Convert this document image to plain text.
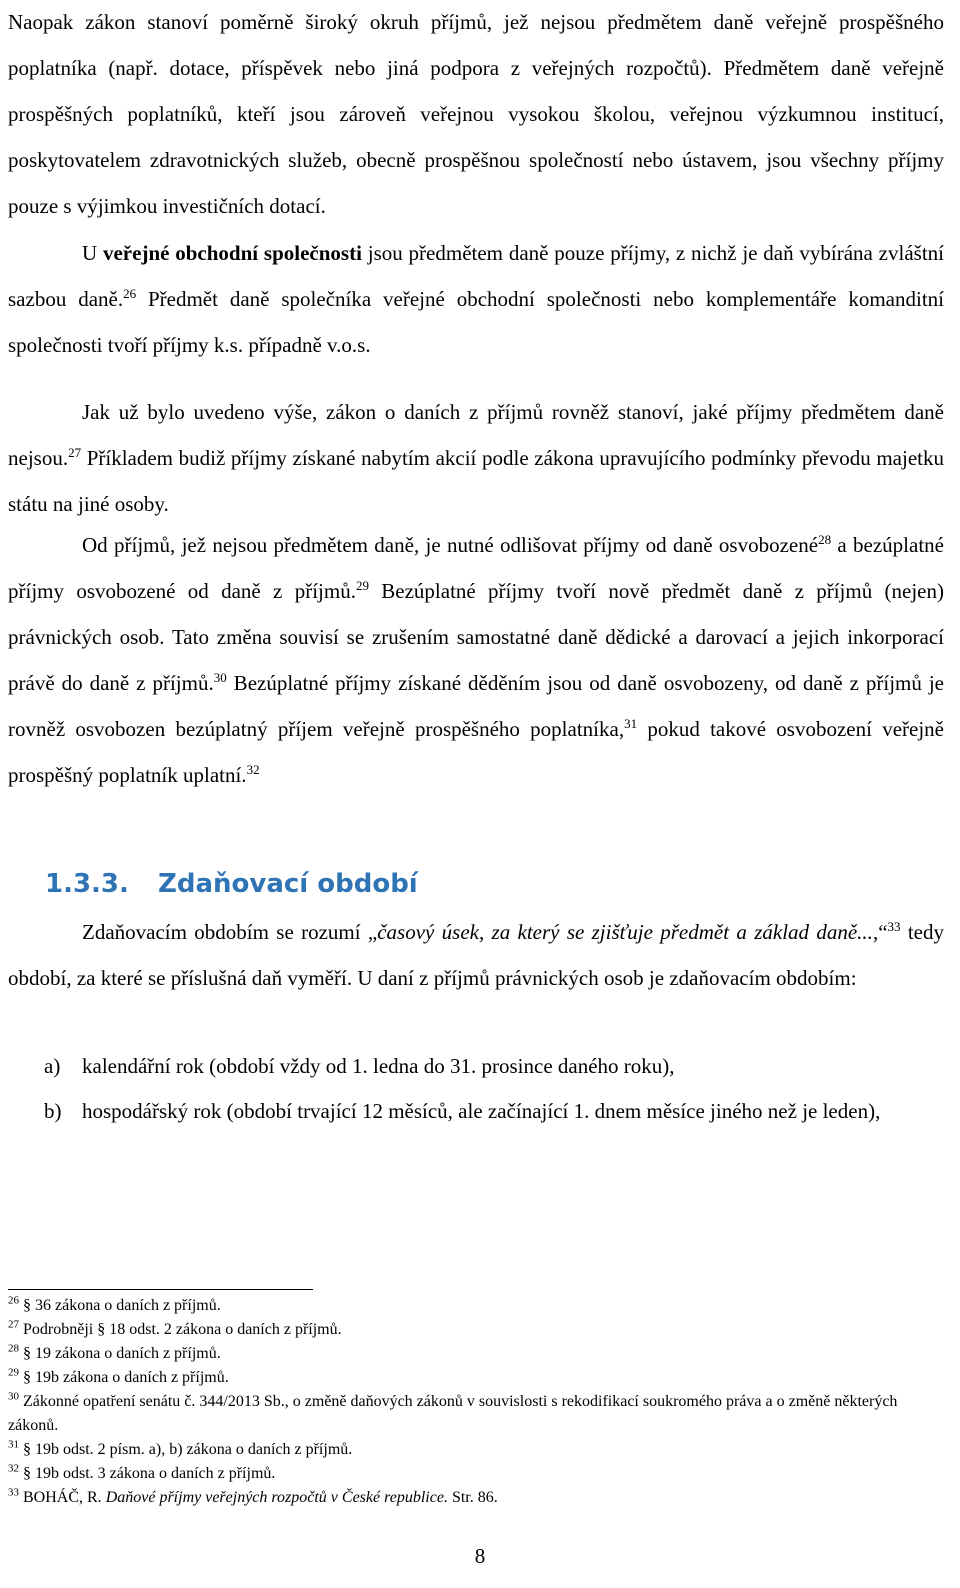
Naopak zákon stanoví poměrně široký okruh příjmů, jež nejsou předmětem daně veřejně prospěšného poplatníka (např. dotace, příspěvek nebo jiná podpora z veřejných rozpočtů). Předmětem daně veřejně prospěšných poplatníků, kteří jsou zároveň veřejnou vysokou školou, veřejnou výzkumnou institucí, poskytovatelem zdravotnických služeb, obecně prospěšnou společností nebo ústavem, jsou všechny příjmy pouze s výjimkou investičních dotací.

U veřejné obchodní společnosti jsou předmětem daně pouze příjmy, z nichž je daň vybírána zvláštní sazbou daně.$^{26}$ Předmět daně společníka veřejné obchodní společnosti nebo komplementáře komanditní společnosti tvoří příjmy k.s. případně v.o.s.

Jak už bylo uvedeno výše, zákon o daních z příjmů rovněž stanoví, jaké příjmy předmětem daně nejsou.$^{27}$ Příkladem budiž příjmy získané nabytím akcií podle zákona upravujícího podmínky převodu majetku státu na jiné osoby.

Od příjmů, jež nejsou předmětem daně, je nutné odlišovat příjmy od daně osvobozené$^{28}$ a bezúplatné příjmy osvobozené od daně z příjmů.$^{29}$ Bezúplatné příjmy tvoří nově předmět daně z příjmů (nejen) právnických osob. Tato změna souvisí se zrušením samostatné daně dědické a darovací a jejich inkorporací právě do daně z příjmů.$^{30}$ Bezúplatné příjmy získané děděním jsou od daně osvobozeny, od daně z příjmů je rovněž osvobozen bezúplatný příjem veřejně prospěšného poplatníka,$^{31}$ pokud takové osvobození veřejně prospěšný poplatník uplatní.$^{32}$

1.3.3. Zdaňovací období

Zdaňovacím obdobím se rozumí „časový úsek, za který se zjišťuje předmět a základ daně...,“$^{33}$ tedy období, za které se příslušná daň vyměří. U daní z příjmů právnických osob je zdaňovacím obdobím:

a) kalendářní rok (období vždy od 1. ledna do 31. prosince daného roku),
b) hospodářský rok (období trvající 12 měsíců, ale začínající 1. dnem měsíce jiného než je leden),

$^{26}$ § 36 zákona o daních z příjmů.

$^{27}$ Podrobněji § 18 odst. 2 zákona o daních z příjmů.

$^{28}$ § 19 zákona o daních z příjmů.

$^{29}$ § 19b zákona o daních z příjmů.

$^{30}$ Zákonné opatření senátu č. 344/2013 Sb., o změně daňových zákonů v souvislosti s rekodifikací soukromého práva a o změně některých zákonů.

$^{31}$ § 19b odst. 2 písm. a), b) zákona o daních z příjmů.

$^{32}$ § 19b odst. 3 zákona o daních z příjmů.

$^{33}$ BOHÁČ, R. Daňové příjmy veřejných rozpočtů v České republice. Str. 86.

8
